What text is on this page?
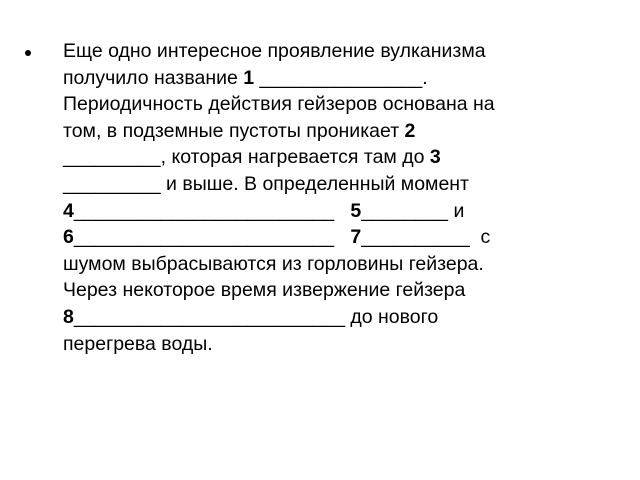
Еще одно интересное проявление вулканизма
получило название 1 _______________.
Периодичность действия гейзеров основана на
том, в подземные пустоты проникает 2
_________, которая нагревается там до 3
_________ и выше. В определенный момент
4________________________   5________ и
6________________________   7__________  с
шумом выбрасываются из горловины гейзера.
Через некоторое время извержение гейзера
8_________________________ до нового
перегрева воды.
